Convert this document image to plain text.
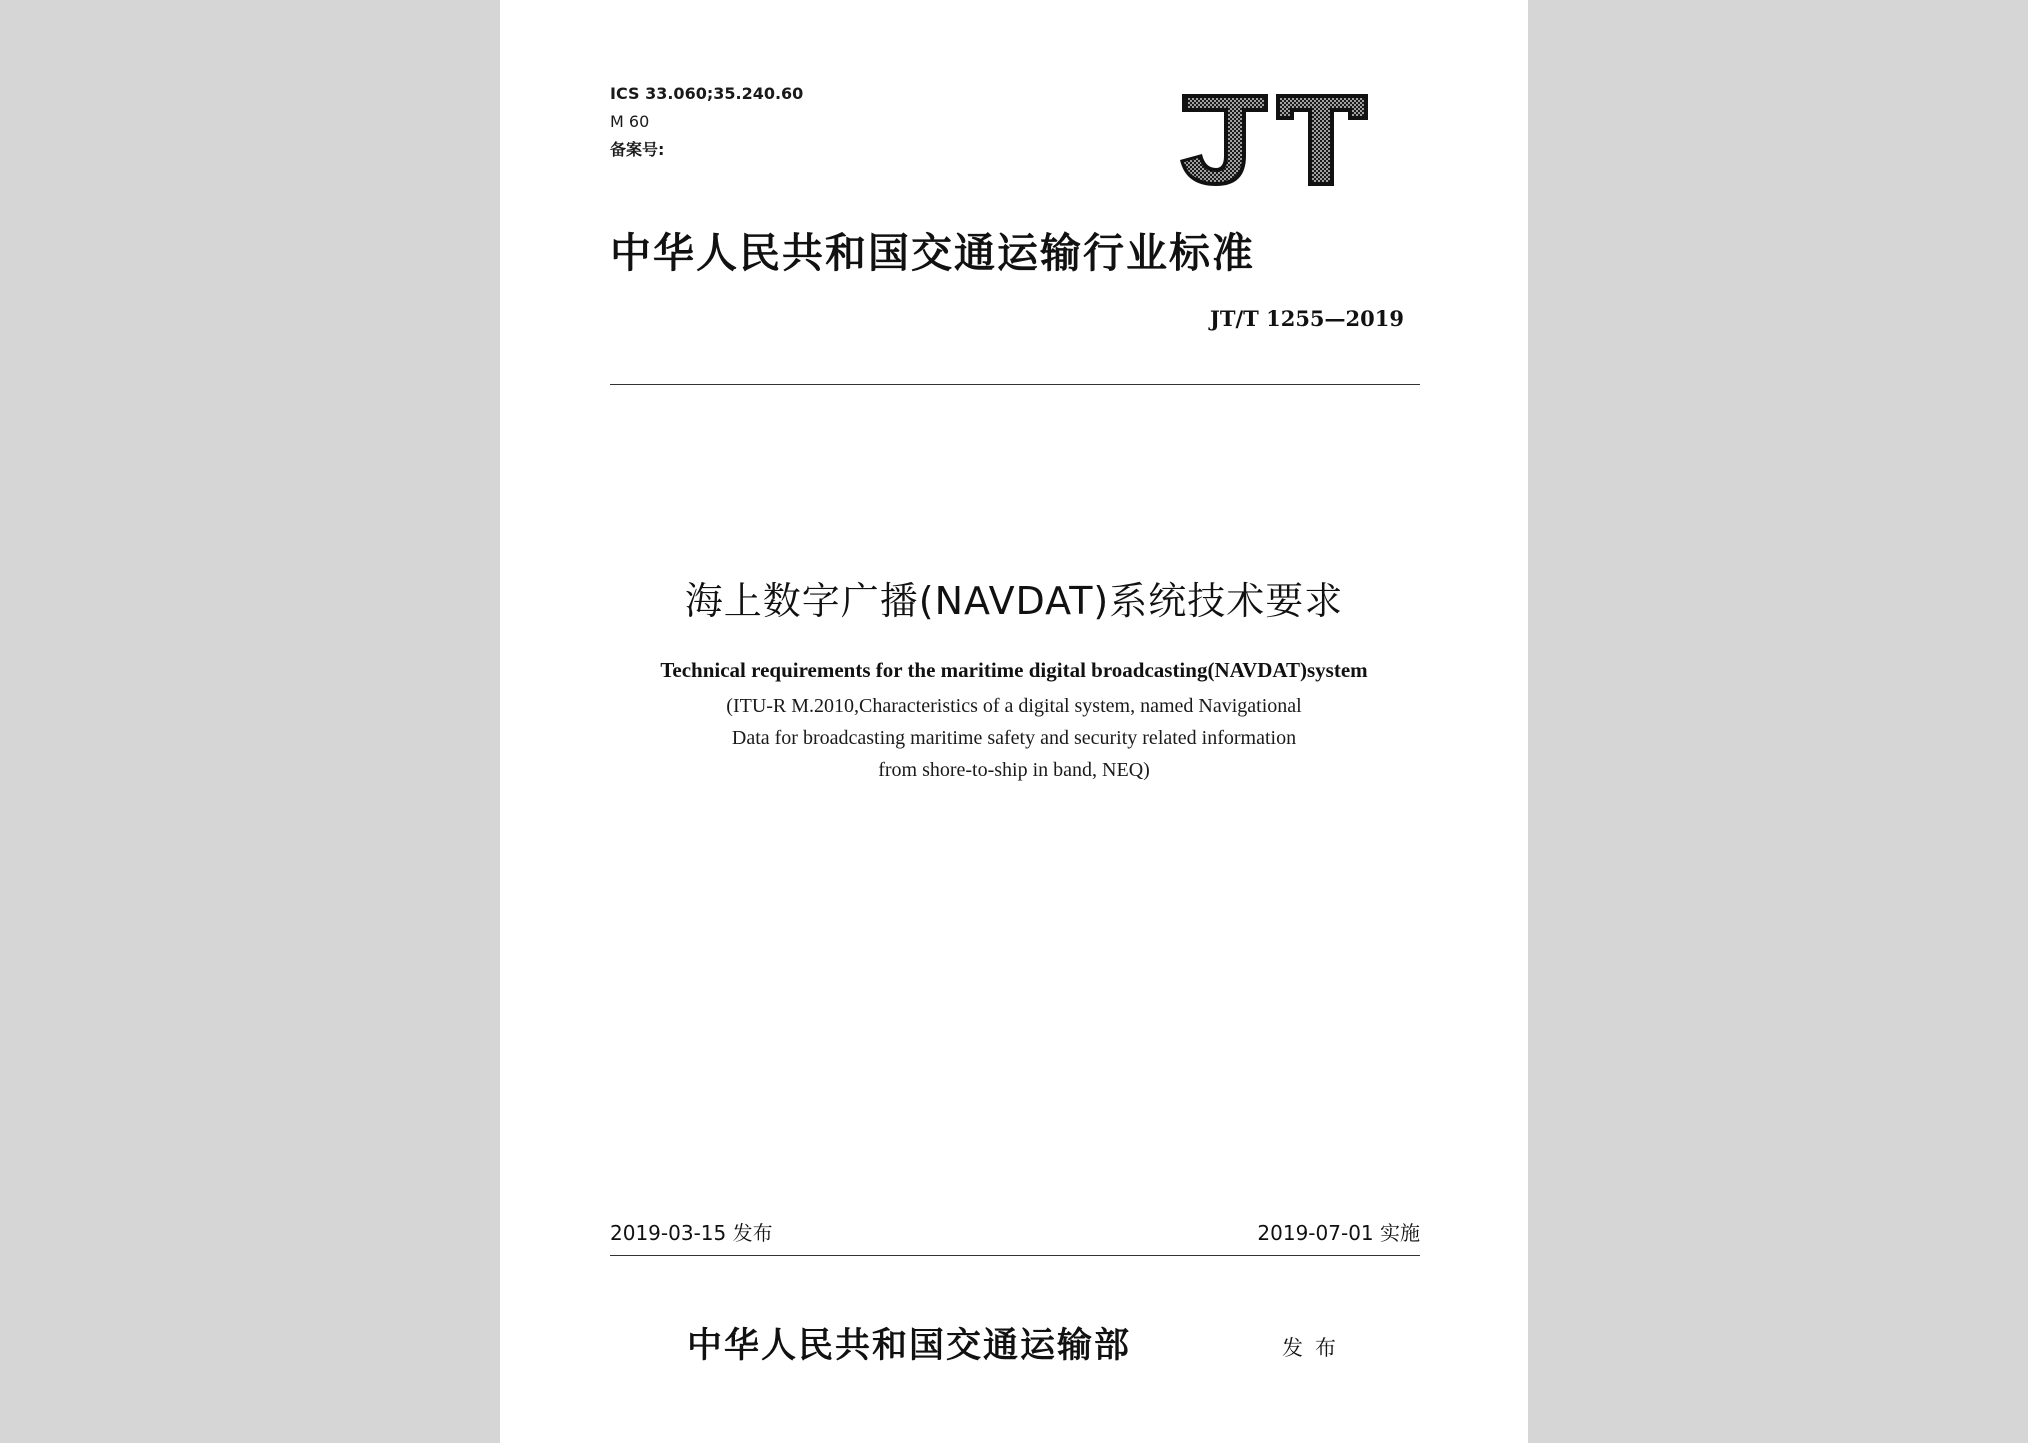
ICS 33.060;35.240.60
M 60
备案号:	JT
中华人民共和国交通运输行业标准
JT/T 1255—2019
海上数字广播(NAVDAT)系统技术要求
Technical requirements for the maritime digital broadcasting(NAVDAT)system
(ITU-R M.2010,Characteristics of a digital system, named Navigational
Data for broadcasting maritime safety and security related information
from shore-to-ship in band, NEQ)
2019-03-15 发布	2019-07-01 实施
中华人民共和国交通运输部	发布
